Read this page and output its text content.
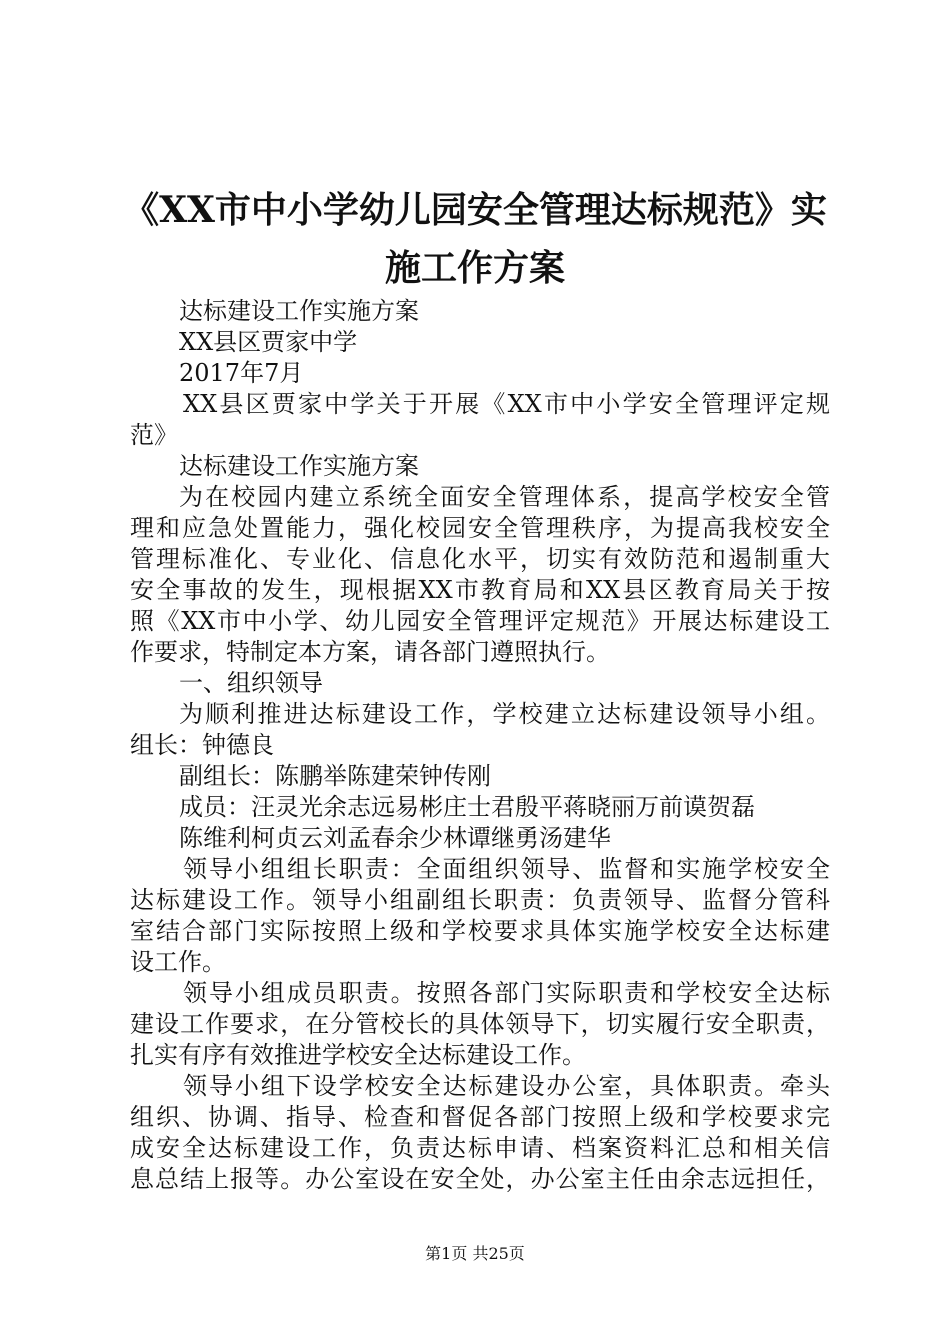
《XX市中小学幼儿园安全管理达标规范》实
施工作方案
达标建设工作实施方案
XX县区贾家中学
2017年7月
XX县区贾家中学关于开展《XX市中小学安全管理评定规
范》
达标建设工作实施方案
为在校园内建立系统全面安全管理体系，提高学校安全管
理和应急处置能力，强化校园安全管理秩序，为提高我校安全
管理标准化、专业化、信息化水平，切实有效防范和遏制重大
安全事故的发生，现根据XX市教育局和XX县区教育局关于按
照《XX市中小学、幼儿园安全管理评定规范》开展达标建设工
作要求，特制定本方案，请各部门遵照执行。
一、组织领导
为顺利推进达标建设工作，学校建立达标建设领导小组。
组长：钟德良
副组长：陈鹏举陈建荣钟传刚
成员：汪灵光余志远易彬庄士君殷平蒋晓丽万前谟贺磊
陈维利柯贞云刘孟春余少林谭继勇汤建华
领导小组组长职责：全面组织领导、监督和实施学校安全
达标建设工作。领导小组副组长职责：负责领导、监督分管科
室结合部门实际按照上级和学校要求具体实施学校安全达标建
设工作。
领导小组成员职责。按照各部门实际职责和学校安全达标
建设工作要求，在分管校长的具体领导下，切实履行安全职责，
扎实有序有效推进学校安全达标建设工作。
领导小组下设学校安全达标建设办公室，具体职责。牵头
组织、协调、指导、检查和督促各部门按照上级和学校要求完
成安全达标建设工作，负责达标申请、档案资料汇总和相关信
息总结上报等。办公室设在安全处，办公室主任由余志远担任，
第1页 共25页
